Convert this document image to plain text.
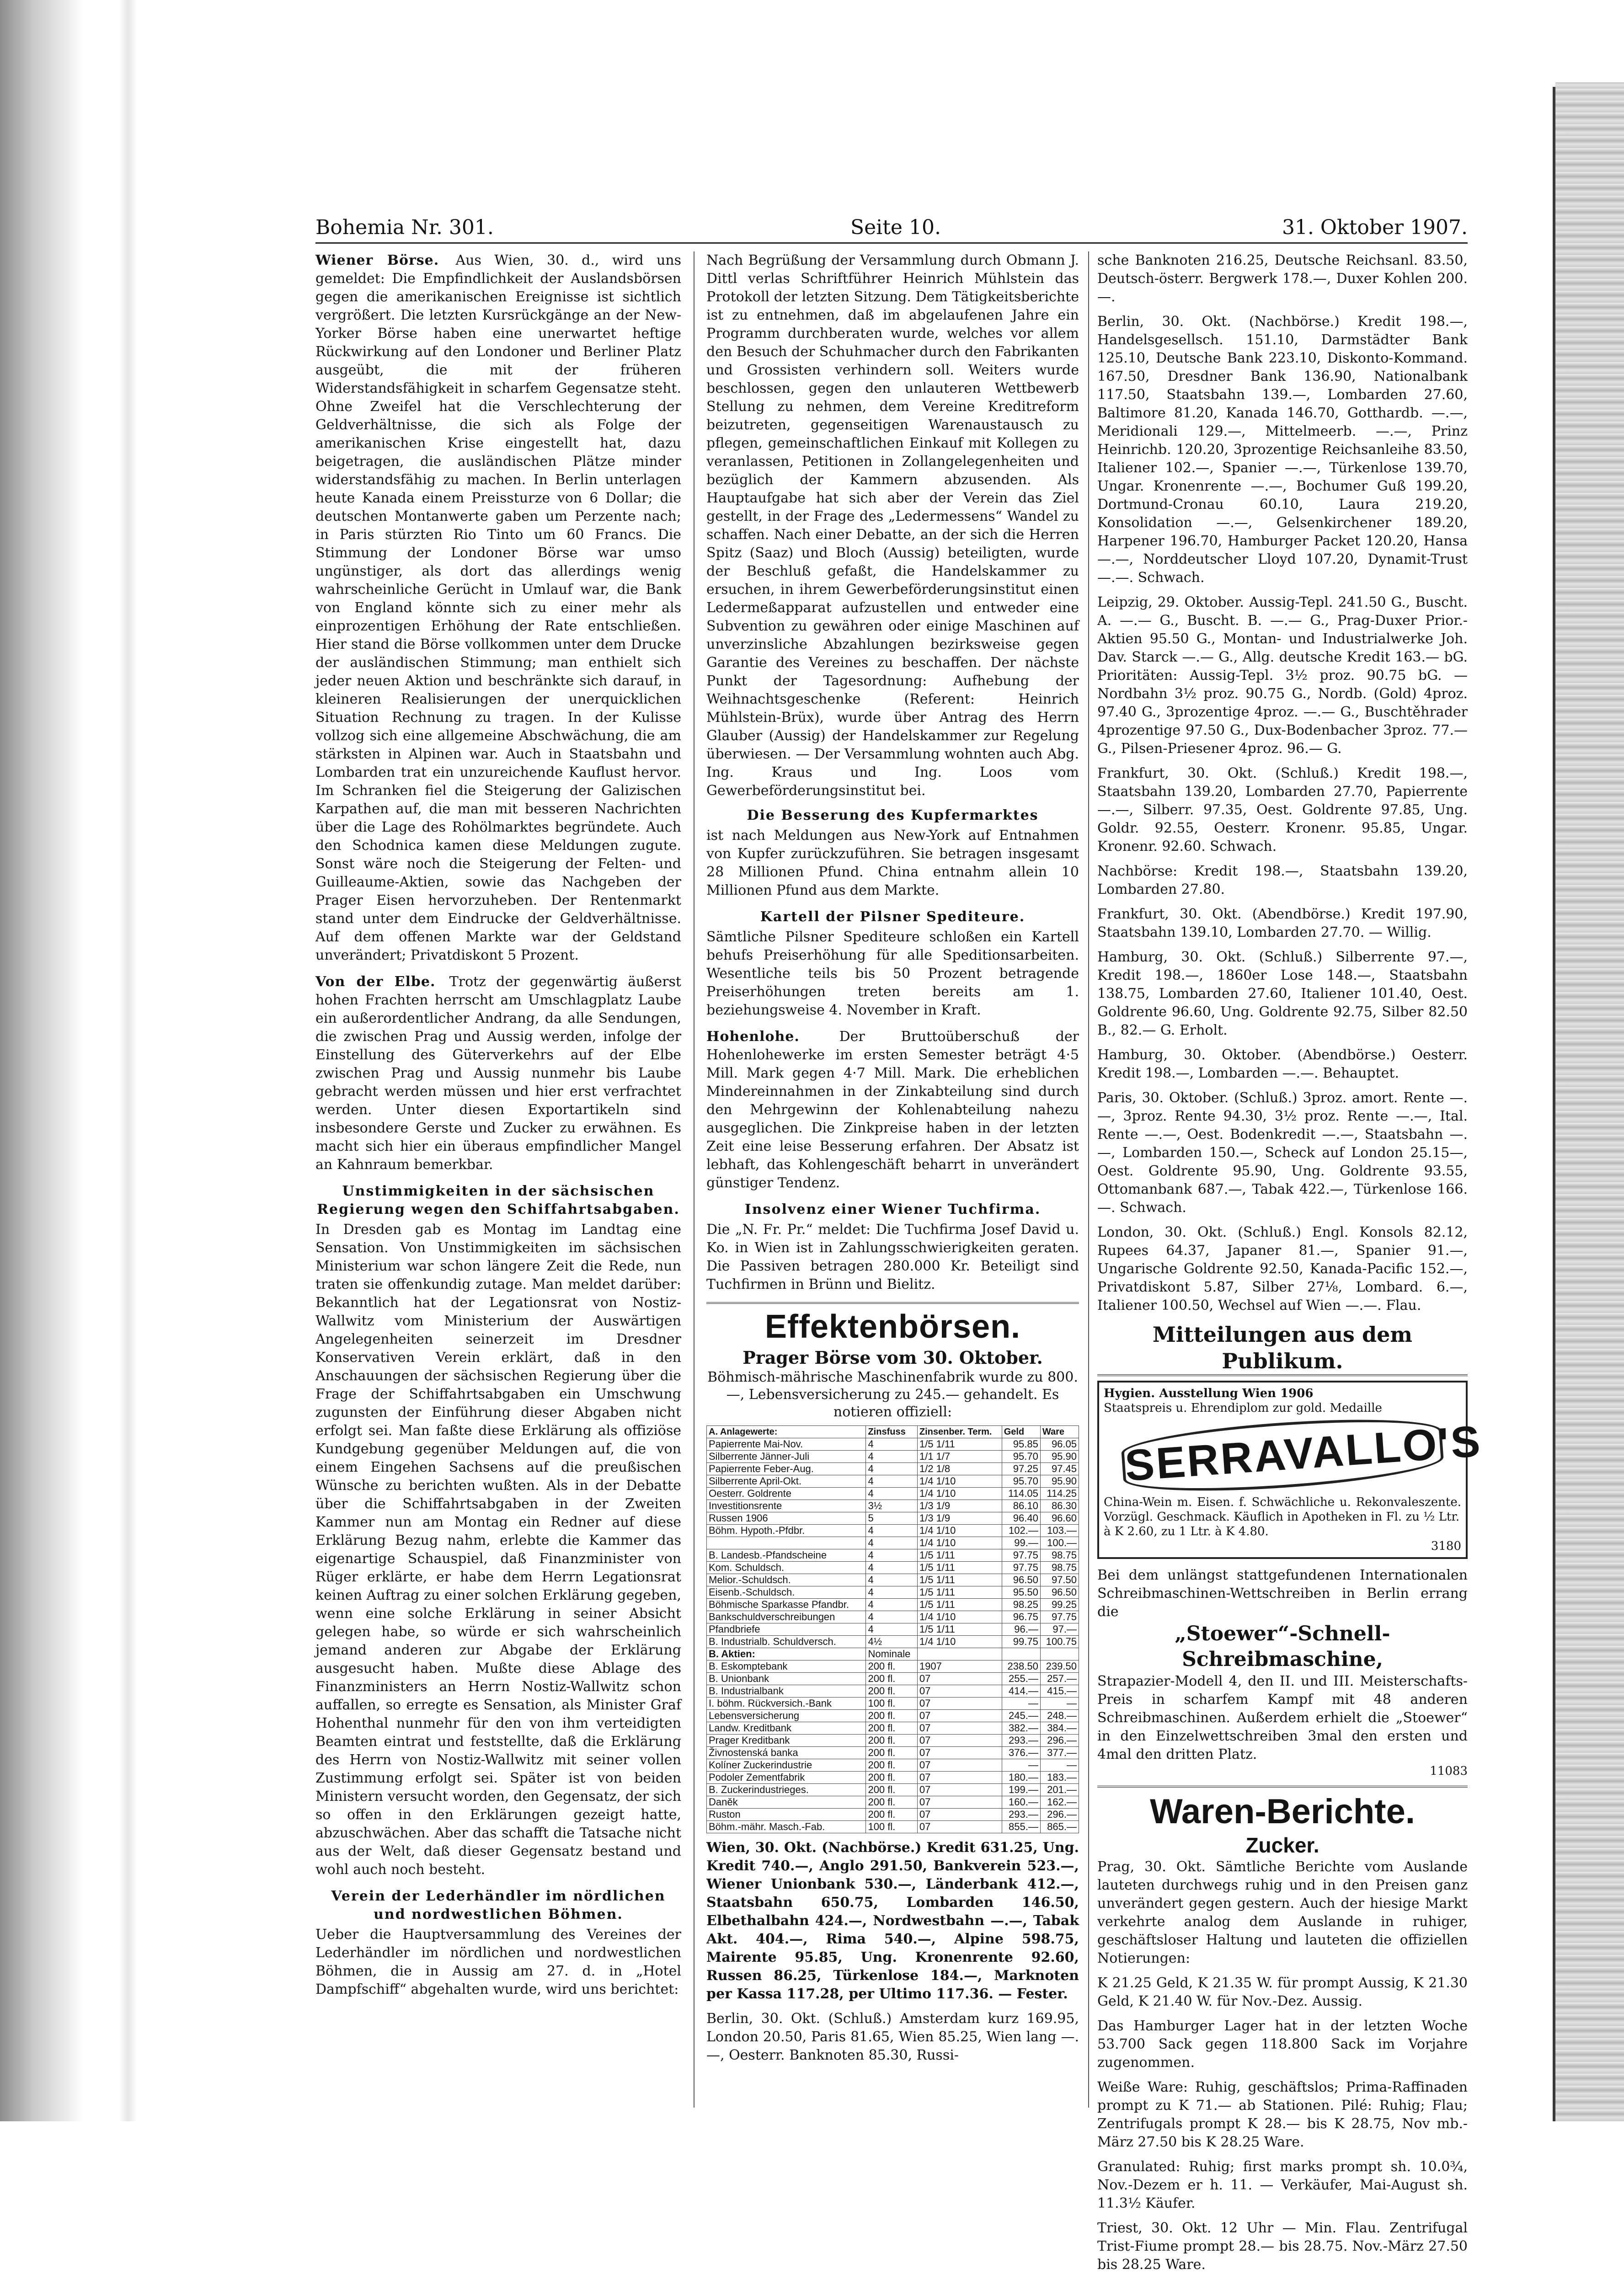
Bohemia Nr. 301.	Seite 10.	31. Oktober 1907.
Wiener Börse. Aus Wien, 30. d., wird uns gemeldet: Die Empfindlichkeit der Auslandsbörsen gegen die amerikanischen Ereignisse ist sichtlich vergrößert. Die letzten Kursrückgänge an der New-Yorker Börse haben eine unerwartet heftige Rückwirkung auf den Londoner und Berliner Platz ausgeübt, die mit der früheren Widerstandsfähigkeit in scharfem Gegensatze steht. Ohne Zweifel hat die Verschlechterung der Geldverhältnisse, die sich als Folge der amerikanischen Krise eingestellt hat, dazu beigetragen, die ausländischen Plätze minder widerstandsfähig zu machen. In Berlin unterlagen heute Kanada einem Preissturze von 6 Dollar; die deutschen Montanwerte gaben um Perzente nach; in Paris stürzten Rio Tinto um 60 Francs. Die Stimmung der Londoner Börse war umso ungünstiger, als dort das allerdings wenig wahrscheinliche Gerücht in Umlauf war, die Bank von England könnte sich zu einer mehr als einprozentigen Erhöhung der Rate entschließen. Hier stand die Börse vollkommen unter dem Drucke der ausländischen Stimmung; man enthielt sich jeder neuen Aktion und beschränkte sich darauf, in kleineren Realisierungen der unerquicklichen Situation Rechnung zu tragen. In der Kulisse vollzog sich eine allgemeine Abschwächung, die am stärksten in Alpinen war. Auch in Staatsbahn und Lombarden trat ein unzureichende Kauflust hervor. Im Schranken fiel die Steigerung der Galizischen Karpathen auf, die man mit besseren Nachrichten über die Lage des Rohölmarktes begründete. Auch den Schodnica kamen diese Meldungen zugute. Sonst wäre noch die Steigerung der Felten- und Guilleaume-Aktien, sowie das Nachgeben der Prager Eisen hervorzuheben. Der Rentenmarkt stand unter dem Eindrucke der Geldverhältnisse. Auf dem offenen Markte war der Geldstand unverändert; Privatdiskont 5 Prozent.
Von der Elbe. Trotz der gegenwärtig äußerst hohen Frachten herrscht am Umschlagplatz Laube ein außerordentlicher Andrang, da alle Sendungen, die zwischen Prag und Aussig werden, infolge der Einstellung des Güterverkehrs auf der Elbe zwischen Prag und Aussig nunmehr bis Laube gebracht werden müssen und hier erst verfrachtet werden. Unter diesen Exportartikeln sind insbesondere Gerste und Zucker zu erwähnen. Es macht sich hier ein überaus empfindlicher Mangel an Kahnraum bemerkbar.
Unstimmigkeiten in der sächsischen Regierung wegen den Schiffahrtsabgaben.
In Dresden gab es Montag im Landtag eine Sensation. Von Unstimmigkeiten im sächsischen Ministerium war schon längere Zeit die Rede, nun traten sie offenkundig zutage. Man meldet darüber: Bekanntlich hat der Legationsrat von Nostiz-Wallwitz vom Ministerium der Auswärtigen Angelegenheiten seinerzeit im Dresdner Konservativen Verein erklärt, daß in den Anschauungen der sächsischen Regierung über die Frage der Schiffahrtsabgaben ein Umschwung zugunsten der Einführung dieser Abgaben nicht erfolgt sei. Man faßte diese Erklärung als offiziöse Kundgebung gegenüber Meldungen auf, die von einem Eingehen Sachsens auf die preußischen Wünsche zu berichten wußten. Als in der Debatte über die Schiffahrtsabgaben in der Zweiten Kammer nun am Montag ein Redner auf diese Erklärung Bezug nahm, erlebte die Kammer das eigenartige Schauspiel, daß Finanzminister von Rüger erklärte, er habe dem Herrn Legationsrat keinen Auftrag zu einer solchen Erklärung gegeben, wenn eine solche Erklärung in seiner Absicht gelegen habe, so würde er sich wahrscheinlich jemand anderen zur Abgabe der Erklärung ausgesucht haben. Mußte diese Ablage des Finanzministers an Herrn Nostiz-Wallwitz schon auffallen, so erregte es Sensation, als Minister Graf Hohenthal nunmehr für den von ihm verteidigten Beamten eintrat und feststellte, daß die Erklärung des Herrn von Nostiz-Wallwitz mit seiner vollen Zustimmung erfolgt sei. Später ist von beiden Ministern versucht worden, den Gegensatz, der sich so offen in den Erklärungen gezeigt hatte, abzuschwächen. Aber das schafft die Tatsache nicht aus der Welt, daß dieser Gegensatz bestand und wohl auch noch besteht.
Verein der Lederhändler im nördlichen und nordwestlichen Böhmen.
Ueber die Hauptversammlung des Vereines der Lederhändler im nördlichen und nordwestlichen Böhmen, die in Aussig am 27. d. in „Hotel Dampfschiff“ abgehalten wurde, wird uns berichtet:
Nach Begrüßung der Versammlung durch Obmann J. Dittl verlas Schriftführer Heinrich Mühlstein das Protokoll der letzten Sitzung. Dem Tätigkeitsberichte ist zu entnehmen, daß im abgelaufenen Jahre ein Programm durchberaten wurde, welches vor allem den Besuch der Schuhmacher durch den Fabrikanten und Grossisten verhindern soll. Weiters wurde beschlossen, gegen den unlauteren Wettbewerb Stellung zu nehmen, dem Vereine Kreditreform beizutreten, gegenseitigen Warenaustausch zu pflegen, gemeinschaftlichen Einkauf mit Kollegen zu veranlassen, Petitionen in Zollangelegenheiten und bezüglich der Kammern abzusenden. Als Hauptaufgabe hat sich aber der Verein das Ziel gestellt, in der Frage des „Ledermessens“ Wandel zu schaffen. Nach einer Debatte, an der sich die Herren Spitz (Saaz) und Bloch (Aussig) beteiligten, wurde der Beschluß gefaßt, die Handelskammer zu ersuchen, in ihrem Gewerbeförderungsinstitut einen Ledermeßapparat aufzustellen und entweder eine Subvention zu gewähren oder einige Maschinen auf unverzinsliche Abzahlungen bezirksweise gegen Garantie des Vereines zu beschaffen. Der nächste Punkt der Tagesordnung: Aufhebung der Weihnachtsgeschenke (Referent: Heinrich Mühlstein-Brüx), wurde über Antrag des Herrn Glauber (Aussig) der Handelskammer zur Regelung überwiesen. — Der Versammlung wohnten auch Abg. Ing. Kraus und Ing. Loos vom Gewerbeförderungsinstitut bei.
Die Besserung des Kupfermarktes
ist nach Meldungen aus New-York auf Entnahmen von Kupfer zurückzuführen. Sie betragen insgesamt 28 Millionen Pfund. China entnahm allein 10 Millionen Pfund aus dem Markte.
Kartell der Pilsner Spediteure.
Sämtliche Pilsner Spediteure schloßen ein Kartell behufs Preiserhöhung für alle Speditionsarbeiten. Wesentliche teils bis 50 Prozent betragende Preiserhöhungen treten bereits am 1. beziehungsweise 4. November in Kraft.
Hohenlohe.	Der Bruttoüberschuß der Hohenlohewerke im ersten Semester beträgt 4·5 Mill. Mark gegen 4·7 Mill. Mark. Die erheblichen Mindereinnahmen in der Zinkabteilung sind durch den Mehrgewinn der Kohlenabteilung nahezu ausgeglichen. Die Zinkpreise haben in der letzten Zeit eine leise Besserung erfahren. Der Absatz ist lebhaft, das Kohlengeschäft beharrt in unverändert günstiger Tendenz.
Insolvenz einer Wiener Tuchfirma.
Die „N. Fr. Pr.“ meldet: Die Tuchfirma Josef David u. Ko. in Wien ist in Zahlungsschwierigkeiten geraten. Die Passiven betragen 280.000 Kr. Beteiligt sind Tuchfirmen in Brünn und Bielitz.
Effektenbörsen.
Prager Börse vom 30. Oktober.
Böhmisch-mährische Maschinenfabrik wurde zu 800.—, Lebensversicherung zu 245.— gehandelt. Es notieren offiziell:
A. Anlagewerte:	Zinsfuss	Zinsenber. Term.	Geld	Ware
Papierrente Mai-Nov.	4	1/5 1/11	95.85	96.05
Silberrente Jänner-Juli	4	1/1 1/7	95.70	95.90
Papierrente Feber-Aug.	4	1/2 1/8	97.25	97.45
Silberrente April-Okt.	4	1/4 1/10	95.70	95.90
Oesterr. Goldrente	4	1/4 1/10	114.05	114.25
Investitionsrente	3½	1/3 1/9	86.10	86.30
Russen 1906	5	1/3 1/9	96.40	96.60
Böhm. Hypoth.-Pfdbr.	4	1/4 1/10	102.—	103.—
	4	1/4 1/10	99.—	100.—
B. Landesb.-Pfandscheine	4	1/5 1/11	97.75	98.75
Kom. Schuldsch.	4	1/5 1/11	97.75	98.75
Melior.-Schuldsch.	4	1/5 1/11	96.50	97.50
Eisenb.-Schuldsch.	4	1/5 1/11	95.50	96.50
Böhmische Sparkasse Pfandbr.	4	1/5 1/11	98.25	99.25
Bankschuldverschreibungen	4	1/4 1/10	96.75	97.75
Pfandbriefe	4	1/5 1/11	96.—	97.—
B. Industrialb. Schuldversch.	4½	1/4 1/10	99.75	100.75
B. Aktien:	Nominale			
B. Eskomptebank	200 fl.	1907	238.50	239.50
B. Unionbank	200 fl.	07	255.—	257.—
B. Industrialbank	200 fl.	07	414.—	415.—
I. böhm. Rückversich.-Bank	100 fl.	07	—	—
Lebensversicherung	200 fl.	07	245.—	248.—
Landw. Kreditbank	200 fl.	07	382.—	384.—
Prager Kreditbank	200 fl.	07	293.—	296.—
Živnostenská banka	200 fl.	07	376.—	377.—
Kolíner Zuckerindustrie	200 fl.	07	—	—
Podoler Zementfabrik	200 fl.	07	180.—	183.—
B. Zuckerindustrieges.	200 fl.	07	199.—	201.—
Daněk	200 fl.	07	160.—	162.—
Ruston	200 fl.	07	293.—	296.—
Böhm.-mähr. Masch.-Fab.	100 fl.	07	855.—	865.—
Wien, 30. Okt. (Nachbörse.) Kredit 631.25, Ung. Kredit 740.—, Anglo 291.50, Bankverein 523.—, Wiener Unionbank 530.—, Länderbank 412.—, Staatsbahn 650.75, Lombarden 146.50, Elbethalbahn 424.—, Nordwestbahn —.—, Tabak Akt. 404.—, Rima 540.—, Alpine 598.75, Mairente 95.85, Ung. Kronenrente 92.60, Russen 86.25, Türkenlose 184.—, Marknoten per Kassa 117.28, per Ultimo 117.36. — Fester.
Berlin, 30. Okt. (Schluß.) Amsterdam kurz 169.95, London 20.50, Paris 81.65, Wien 85.25, Wien lang —.—, Oesterr. Banknoten 85.30, Russi-
sche Banknoten 216.25, Deutsche Reichsanl. 83.50, Deutsch-österr. Bergwerk 178.—, Duxer Kohlen 200.—.
Berlin, 30. Okt. (Nachbörse.) Kredit 198.—, Handelsgesellsch. 151.10, Darmstädter Bank 125.10, Deutsche Bank 223.10, Diskonto-Kommand. 167.50, Dresdner Bank 136.90, Nationalbank 117.50, Staatsbahn 139.—, Lombarden 27.60, Baltimore 81.20, Kanada 146.70, Gotthardb. —.—, Meridionali 129.—, Mittelmeerb. —.—, Prinz Heinrichb. 120.20, 3prozentige Reichsanleihe 83.50, Italiener 102.—, Spanier —.—, Türkenlose 139.70, Ungar. Kronenrente —.—, Bochumer Guß 199.20, Dortmund-Cronau 60.10, Laura 219.20, Konsolidation —.—, Gelsenkirchener 189.20, Harpener 196.70, Hamburger Packet 120.20, Hansa —.—, Norddeutscher Lloyd 107.20, Dynamit-Trust —.—. Schwach.
Leipzig, 29. Oktober. Aussig-Tepl. 241.50 G., Buscht. A. —.— G., Buscht. B. —.— G., Prag-Duxer Prior.-Aktien 95.50 G., Montan- und Industrialwerke Joh. Dav. Starck —.— G., Allg. deutsche Kredit 163.— bG. Prioritäten: Aussig-Tepl. 3½ proz. 90.75 bG. — Nordbahn 3½ proz. 90.75 G., Nordb. (Gold) 4proz. 97.40 G., 3prozentige 4proz. —.— G., Buschtěhrader 4prozentige 97.50 G., Dux-Bodenbacher 3proz. 77.— G., Pilsen-Priesener 4proz. 96.— G.
Frankfurt, 30. Okt. (Schluß.) Kredit 198.—, Staatsbahn 139.20, Lombarden 27.70, Papierrente —.—, Silberr. 97.35, Oest. Goldrente 97.85, Ung. Goldr. 92.55, Oesterr. Kronenr. 95.85, Ungar. Kronenr. 92.60. Schwach.
Nachbörse: Kredit 198.—, Staatsbahn 139.20, Lombarden 27.80.
Frankfurt, 30. Okt. (Abendbörse.) Kredit 197.90, Staatsbahn 139.10, Lombarden 27.70. — Willig.
Hamburg, 30. Okt. (Schluß.) Silberrente 97.—, Kredit 198.—, 1860er Lose 148.—, Staatsbahn 138.75, Lombarden 27.60, Italiener 101.40, Oest. Goldrente 96.60, Ung. Goldrente 92.75, Silber 82.50 B., 82.— G. Erholt.
Hamburg, 30. Oktober. (Abendbörse.) Oesterr. Kredit 198.—, Lombarden —.—. Behauptet.
Paris, 30. Oktober. (Schluß.) 3proz. amort. Rente —.—, 3proz. Rente 94.30, 3½ proz. Rente —.—, Ital. Rente —.—, Oest. Bodenkredit —.—, Staatsbahn —.—, Lombarden 150.—, Scheck auf London 25.15—, Oest. Goldrente 95.90, Ung. Goldrente 93.55, Ottomanbank 687.—, Tabak 422.—, Türkenlose 166.—. Schwach.
London, 30. Okt. (Schluß.) Engl. Konsols 82.12, Rupees 64.37, Japaner 81.—, Spanier 91.—, Ungarische Goldrente 92.50, Kanada-Pacific 152.—, Privatdiskont 5.87, Silber 27⅛, Lombard. 6.—, Italiener 100.50, Wechsel auf Wien —.—. Flau.
Mitteilungen aus dem Publikum.
Hygien. Ausstellung Wien 1906
Staatspreis u. Ehrendiplom zur gold. Medaille
SERRAVALLO'S
China-Wein m. Eisen. f. Schwächliche u. Rekonvaleszente. Vorzügl. Geschmack. Käuflich in Apotheken in Fl. zu ½ Ltr.
à K 2.60, zu 1 Ltr. à K 4.80.
3180
Bei dem unlängst stattgefundenen Internationalen Schreibmaschinen-Wettschreiben in Berlin errang die
„Stoewer“-Schnell-Schreibmaschine,
Strapazier-Modell 4, den II. und III. Meisterschafts-Preis in scharfem Kampf mit 48 anderen Schreibmaschinen. Außerdem erhielt die „Stoewer“ in den Einzelwettschreiben 3mal den ersten und 4mal den dritten Platz.
11083
Waren-Berichte.
Zucker.
Prag, 30. Okt. Sämtliche Berichte vom Auslande lauteten durchwegs ruhig und in den Preisen ganz unverändert gegen gestern. Auch der hiesige Markt verkehrte analog dem Auslande in ruhiger, geschäftsloser Haltung und lauteten die offiziellen Notierungen:
K 21.25 Geld, K 21.35 W. für prompt Aussig, K 21.30 Geld, K 21.40 W. für Nov.-Dez. Aussig.
Das Hamburger Lager hat in der letzten Woche 53.700 Sack gegen 118.800 Sack im Vorjahre zugenommen.
Weiße Ware: Ruhig, geschäftslos; Prima-Raffinaden prompt zu K 71.— ab Stationen. Pilé: Ruhig; Flau; Zentrifugals prompt K 28.— bis K 28.75, Nov mb.-März 27.50 bis K 28.25 Ware.
Granulated: Ruhig; first marks prompt sh. 10.0¾, Nov.-Dezem er h. 11. — Verkäufer, Mai-August sh. 11.3½ Käufer.
Triest, 30. Okt. 12 Uhr — Min. Flau. Zentrifugal Trist-Fiume prompt 28.— bis 28.75. Nov.-März 27.50 bis 28.25 Ware.
